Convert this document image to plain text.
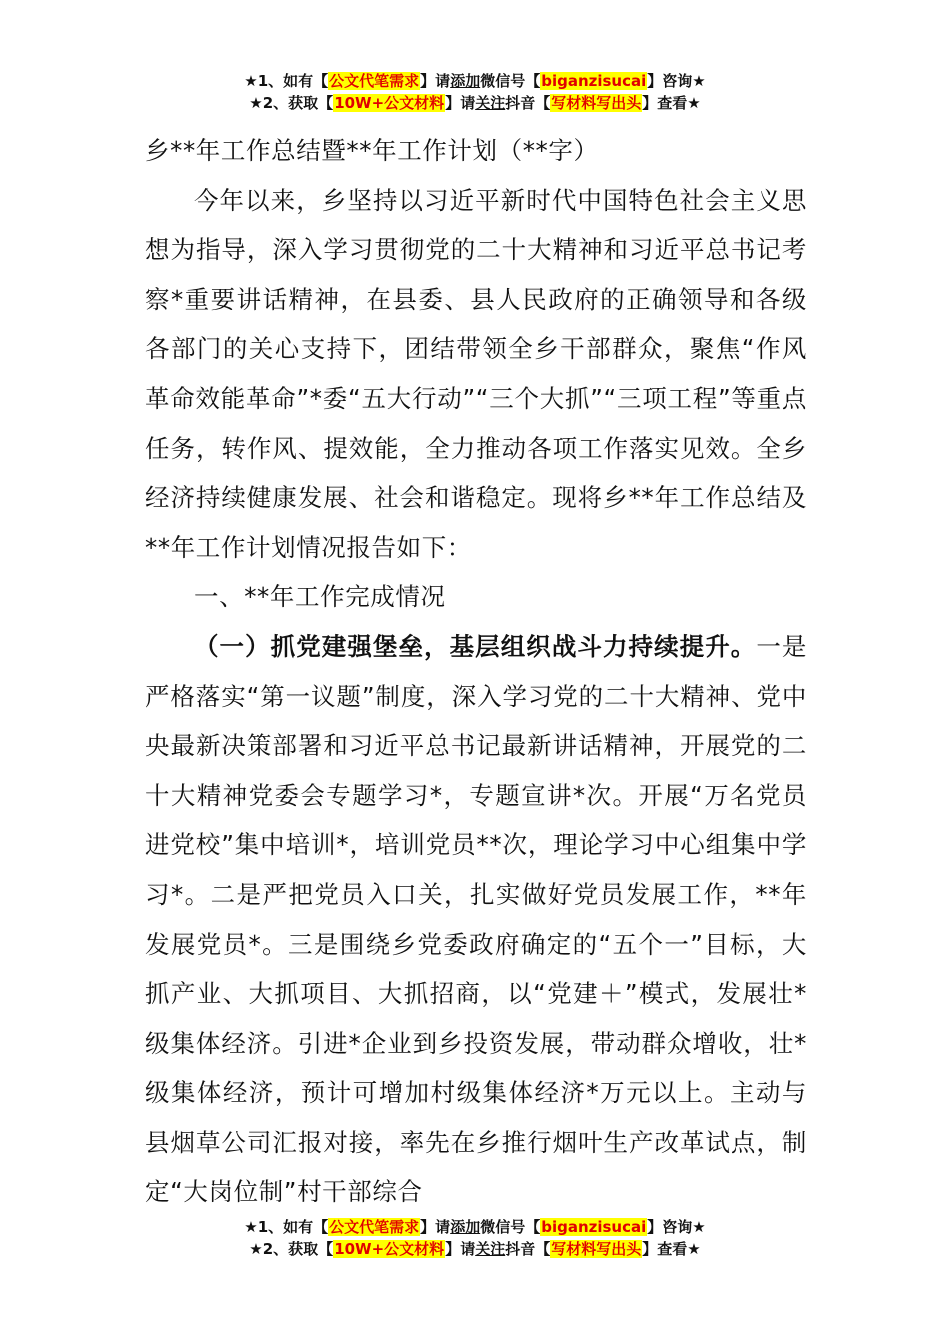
★1、如有【公文代笔需求】请添加微信号【biganzisucai】咨询★
★2、获取【10W+公文材料】请关注抖音【写材料写出头】查看★

乡**年工作总结暨**年工作计划（**字）

今年以来，乡坚持以习近平新时代中国特色社会主义思想为指导，深入学习贯彻党的二十大精神和习近平总书记考察*重要讲话精神，在县委、县人民政府的正确领导和各级各部门的关心支持下，团结带领全乡干部群众，聚焦“作风革命效能革命”*委“五大行动”“三个大抓”“三项工程”等重点任务，转作风、提效能，全力推动各项工作落实见效。全乡经济持续健康发展、社会和谐稳定。现将乡**年工作总结及**年工作计划情况报告如下：

一、**年工作完成情况

（一）抓党建强堡垒，基层组织战斗力持续提升。一是严格落实“第一议题”制度，深入学习党的二十大精神、党中央最新决策部署和习近平总书记最新讲话精神，开展党的二十大精神党委会专题学习*，专题宣讲*次。开展“万名党员进党校”集中培训*，培训党员**次，理论学习中心组集中学习*。二是严把党员入口关，扎实做好党员发展工作，**年发展党员*。三是围绕乡党委政府确定的“五个一”目标，大抓产业、大抓项目、大抓招商，以“党建＋”模式，发展壮*级集体经济。引进*企业到乡投资发展，带动群众增收，壮*级集体经济，预计可增加村级集体经济*万元以上。主动与县烟草公司汇报对接，率先在乡推行烟叶生产改革试点，制定“大岗位制”村干部综合

★1、如有【公文代笔需求】请添加微信号【biganzisucai】咨询★
★2、获取【10W+公文材料】请关注抖音【写材料写出头】查看★
